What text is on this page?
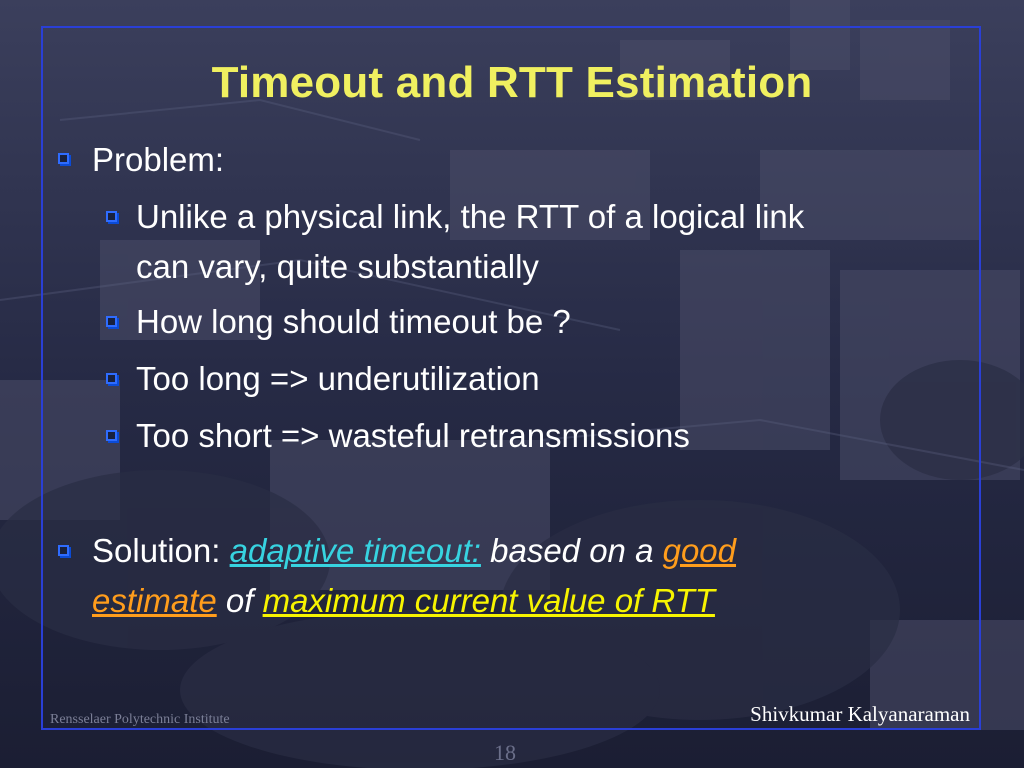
Timeout and RTT Estimation
Problem:
Unlike a physical link, the RTT of a logical link
can vary, quite substantially
How long should timeout be ?
Too long => underutilization
Too short => wasteful retransmissions
Solution: adaptive timeout: based on a good
estimate of maximum current value of RTT
Rensselaer Polytechnic Institute	Shivkumar Kalyanaraman
18
